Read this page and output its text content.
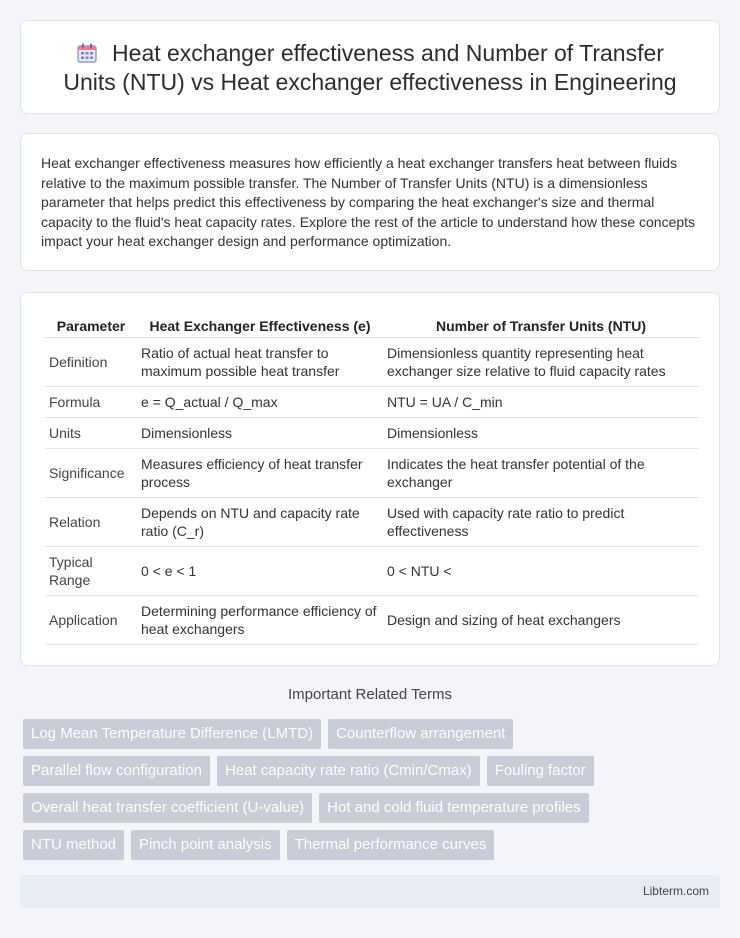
Heat exchanger effectiveness and Number of Transfer
Units (NTU) vs Heat exchanger effectiveness in Engineering

Heat exchanger effectiveness measures how efficiently a heat exchanger transfers heat between fluids relative to the maximum possible transfer. The Number of Transfer Units (NTU) is a dimensionless parameter that helps predict this effectiveness by comparing the heat exchanger's size and thermal capacity to the fluid's heat capacity rates. Explore the rest of the article to understand how these concepts impact your heat exchanger design and performance optimization.

Parameter	Heat Exchanger Effectiveness (e)	Number of Transfer Units (NTU)
Definition	Ratio of actual heat transfer to maximum possible heat transfer	Dimensionless quantity representing heat exchanger size relative to fluid capacity rates
Formula	e = Q_actual / Q_max	NTU = UA / C_min
Units	Dimensionless	Dimensionless
Significance	Measures efficiency of heat transfer process	Indicates the heat transfer potential of the exchanger
Relation	Depends on NTU and capacity rate ratio (C_r)	Used with capacity rate ratio to predict effectiveness
Typical Range	0 < e < 1	0 < NTU <
Application	Determining performance efficiency of heat exchangers	Design and sizing of heat exchangers
Important Related Terms
Log Mean Temperature Difference (LMTD)	Counterflow arrangement
Parallel flow configuration	Heat capacity rate ratio (Cmin/Cmax)	Fouling factor
Overall heat transfer coefficient (U-value)	Hot and cold fluid temperature profiles
NTU method	Pinch point analysis	Thermal performance curves
Libterm.com
